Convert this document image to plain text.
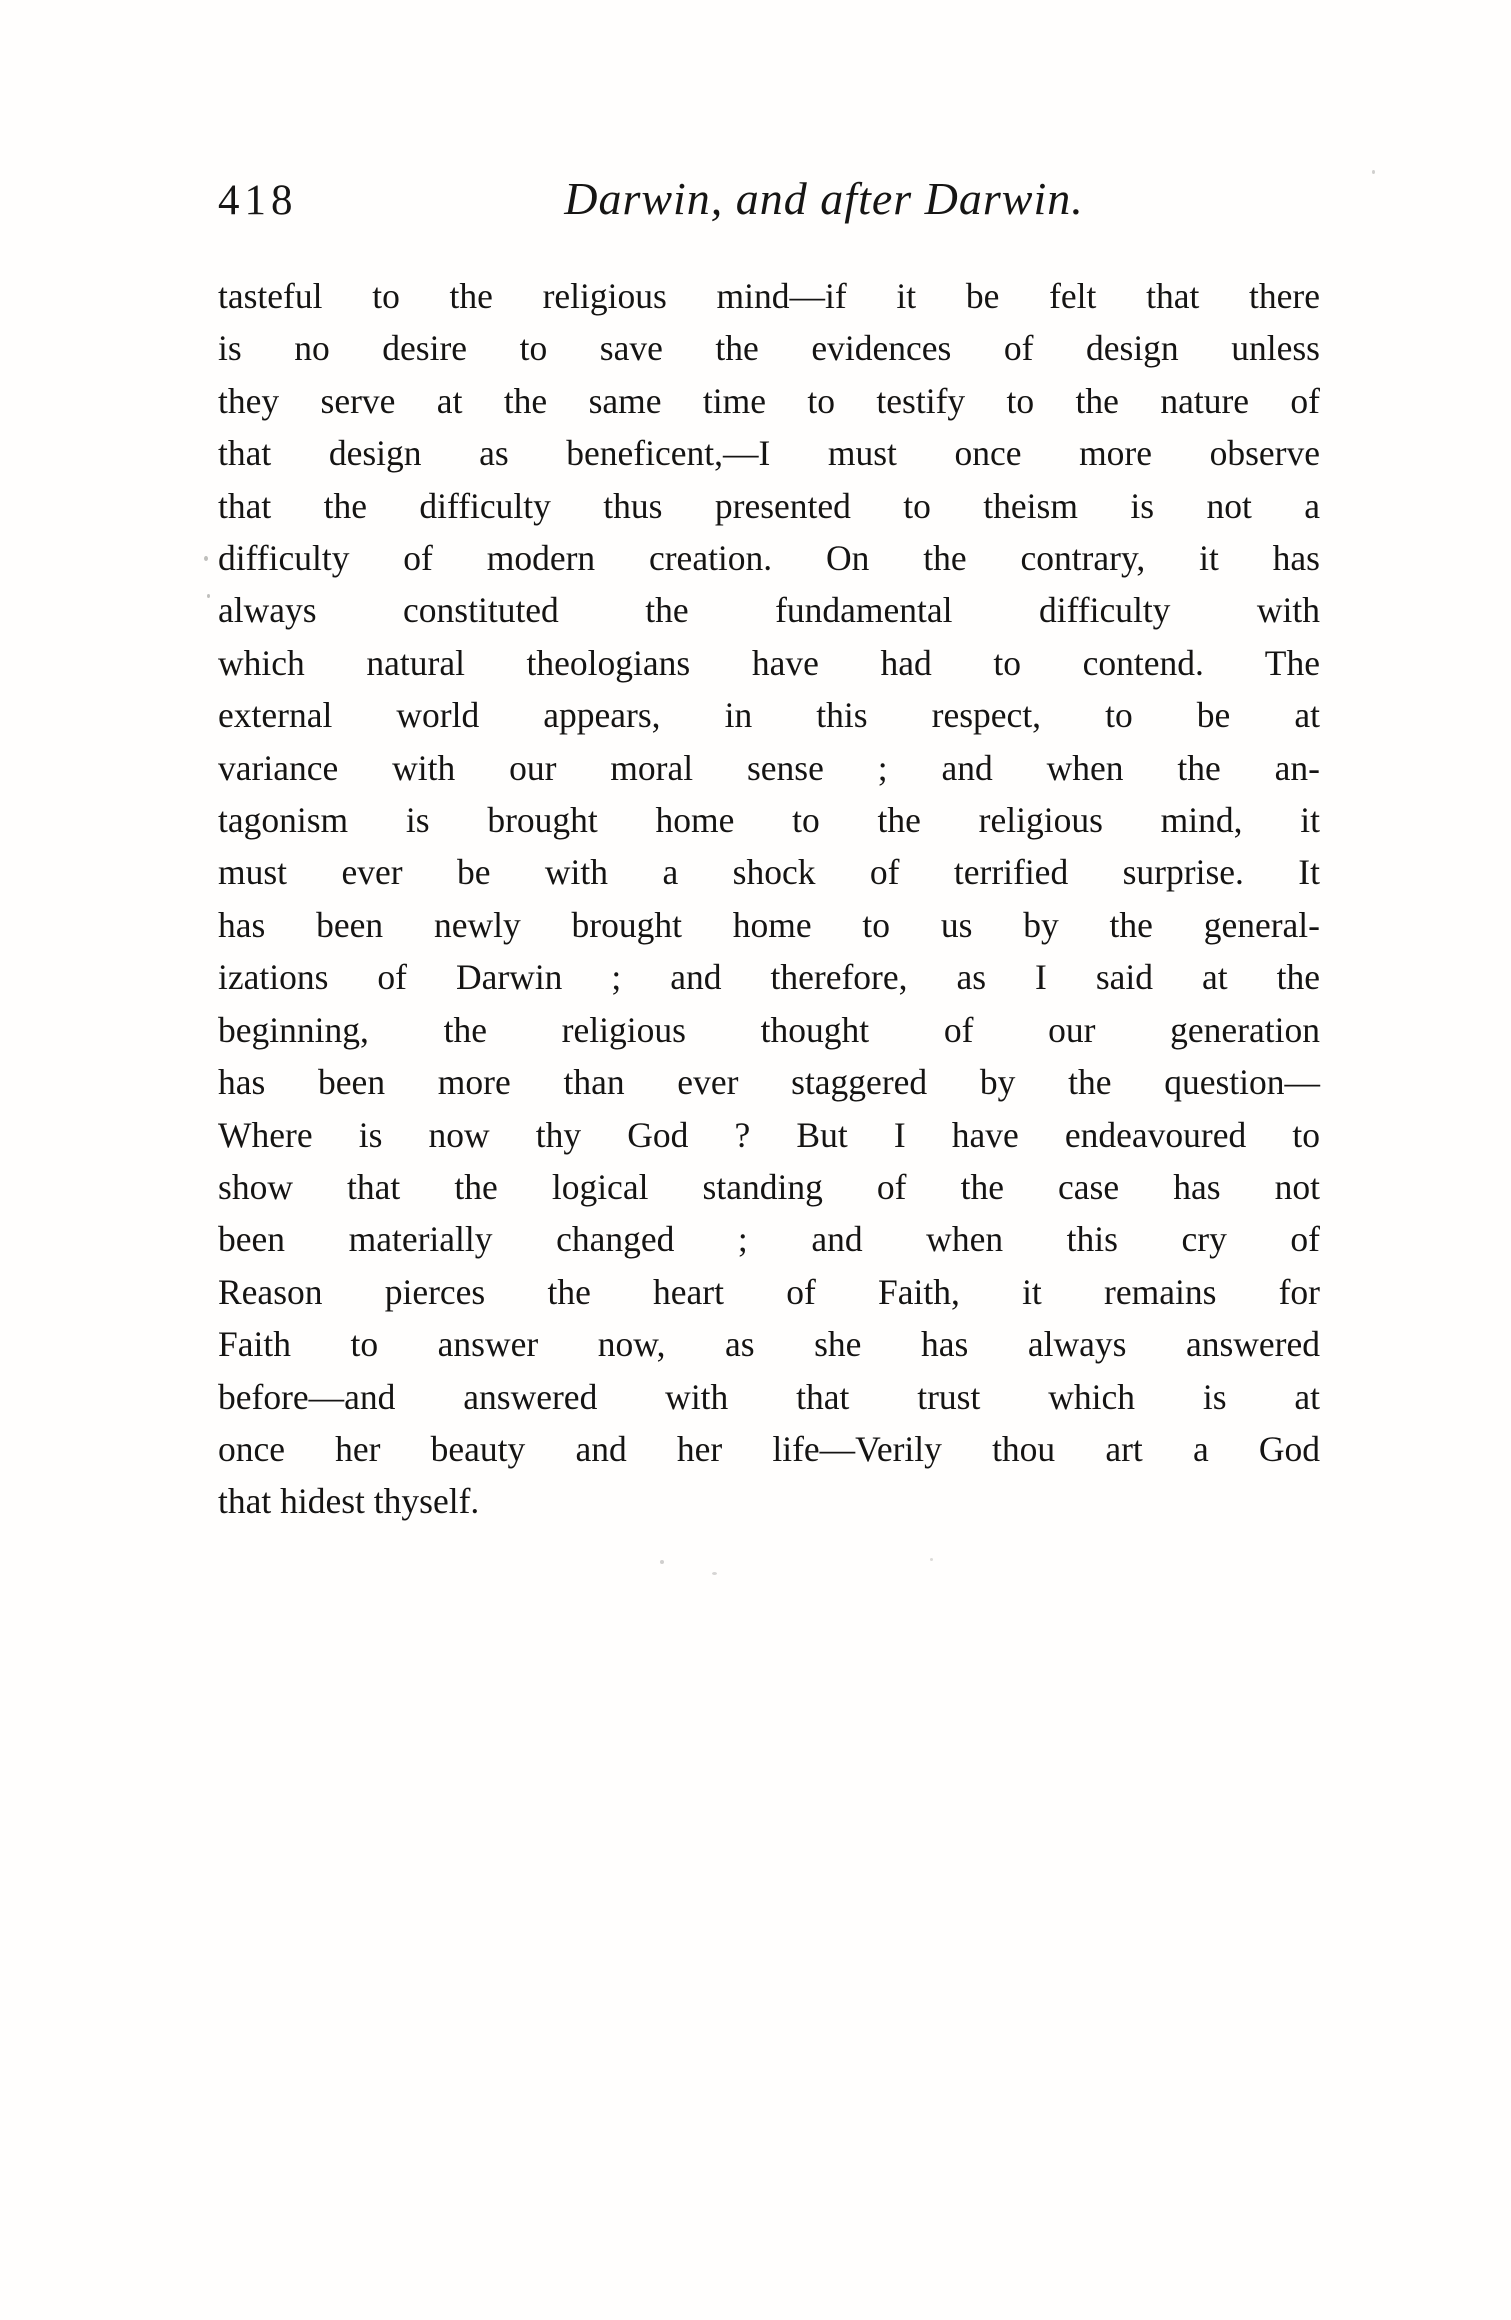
418	Darwin, and after Darwin.
tasteful to the religious mind—if it be felt that there
is no desire to save the evidences of design unless
they serve at the same time to testify to the nature of
that design as beneficent,—I must once more observe
that the difficulty thus presented to theism is not a
difficulty of modern creation. On the contrary, it has
always constituted the fundamental difficulty with
which natural theologians have had to contend. The
external world appears, in this respect, to be at
variance with our moral sense ; and when the an-
tagonism is brought home to the religious mind, it
must ever be with a shock of terrified surprise. It
has been newly brought home to us by the general-
izations of Darwin ; and therefore, as I said at the
beginning, the religious thought of our generation
has been more than ever staggered by the question—
Where is now thy God ? But I have endeavoured to
show that the logical standing of the case has not
been materially changed ; and when this cry of
Reason pierces the heart of Faith, it remains for
Faith to answer now, as she has always answered
before—and answered with that trust which is at
once her beauty and her life—Verily thou art a God
that hidest thyself.
